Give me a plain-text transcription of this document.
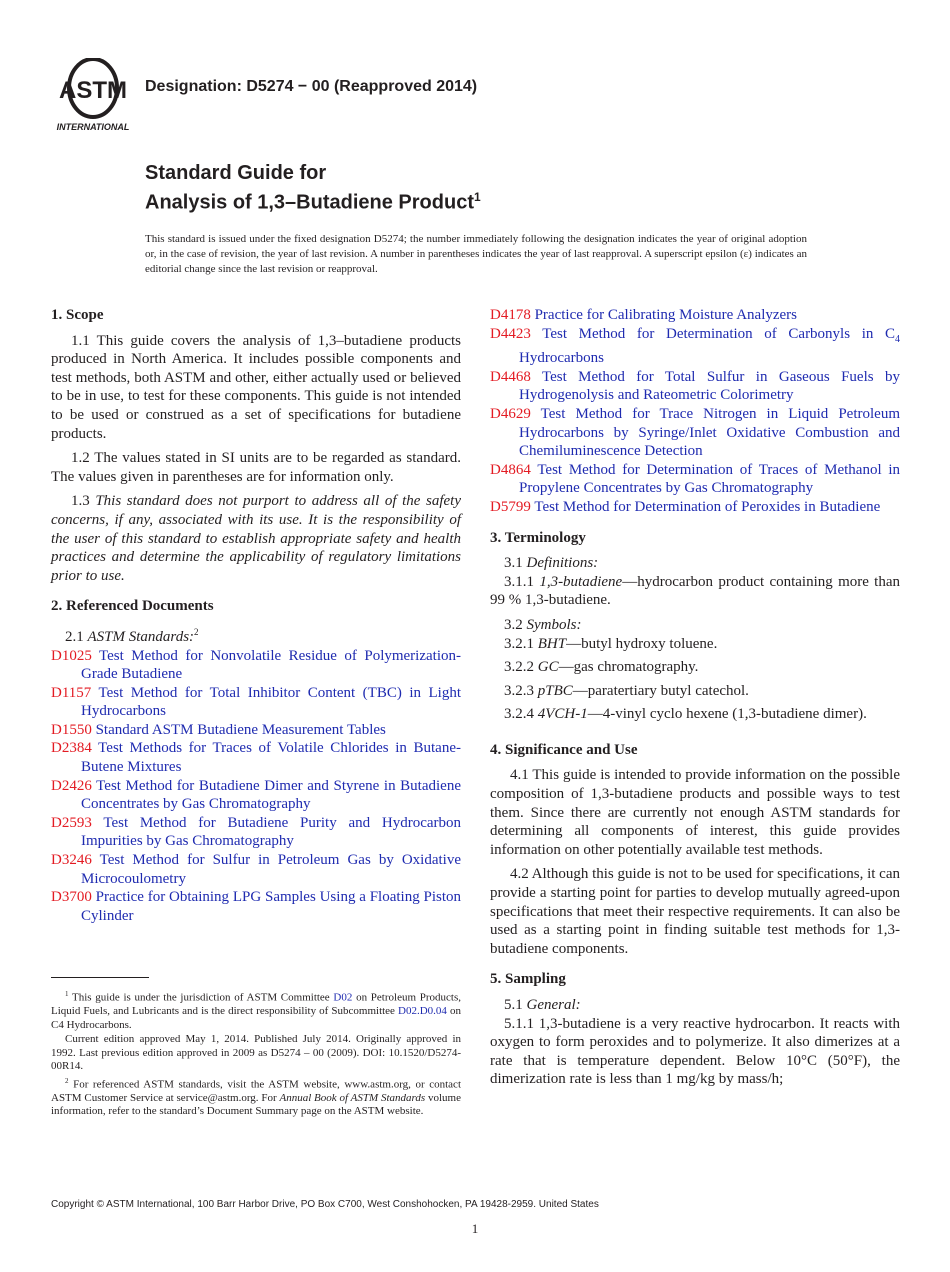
ASTM
INTERNATIONAL
Designation: D5274 − 00 (Reapproved 2014)
Standard Guide for
Analysis of 1,3–Butadiene Product$^1$
This standard is issued under the fixed designation D5274; the number immediately following the designation indicates the year of original adoption or, in the case of revision, the year of last revision. A number in parentheses indicates the year of last reapproval. A superscript epsilon (ε) indicates an editorial change since the last revision or reapproval.

1. Scope

1.1 This guide covers the analysis of 1,3–butadiene products produced in North America. It includes possible components and test methods, both ASTM and other, either actually used or believed to be in use, to test for these components. This guide is not intended to be used or construed as a set of specifications for butadiene products.

1.2 The values stated in SI units are to be regarded as standard. The values given in parentheses are for information only.

1.3 This standard does not purport to address all of the safety concerns, if any, associated with its use. It is the responsibility of the user of this standard to establish appropriate safety and health practices and determine the applicability of regulatory limitations prior to use.

2. Referenced Documents

2.1 ASTM Standards:$^2$

D1025 Test Method for Nonvolatile Residue of Polymerization-Grade Butadiene

D1157 Test Method for Total Inhibitor Content (TBC) in Light Hydrocarbons

D1550 Standard ASTM Butadiene Measurement Tables

D2384 Test Methods for Traces of Volatile Chlorides in Butane-Butene Mixtures

D2426 Test Method for Butadiene Dimer and Styrene in Butadiene Concentrates by Gas Chromatography

D2593 Test Method for Butadiene Purity and Hydrocarbon Impurities by Gas Chromatography

D3246 Test Method for Sulfur in Petroleum Gas by Oxidative Microcoulometry

D3700 Practice for Obtaining LPG Samples Using a Floating Piston Cylinder

D4178 Practice for Calibrating Moisture Analyzers

D4423 Test Method for Determination of Carbonyls in $C_4$ Hydrocarbons

D4468 Test Method for Total Sulfur in Gaseous Fuels by Hydrogenolysis and Rateometric Colorimetry

D4629 Test Method for Trace Nitrogen in Liquid Petroleum Hydrocarbons by Syringe/Inlet Oxidative Combustion and Chemiluminescence Detection

D4864 Test Method for Determination of Traces of Methanol in Propylene Concentrates by Gas Chromatography

D5799 Test Method for Determination of Peroxides in Butadiene

3. Terminology

3.1 Definitions:

3.1.1 1,3-butadiene—hydrocarbon product containing more than 99 % 1,3-butadiene.

3.2 Symbols:

3.2.1 BHT—butyl hydroxy toluene.

3.2.2 GC—gas chromatography.

3.2.3 pTBC—paratertiary butyl catechol.

3.2.4 4VCH-1—4-vinyl cyclo hexene (1,3-butadiene dimer).

4. Significance and Use

4.1 This guide is intended to provide information on the possible composition of 1,3-butadiene products and possible ways to test them. Since there are currently not enough ASTM standards for determining all components of interest, this guide provides information on other potentially available test methods.

4.2 Although this guide is not to be used for specifications, it can provide a starting point for parties to develop mutually agreed-upon specifications that meet their respective requirements. It can also be used as a starting point in finding suitable test methods for 1,3-butadiene components.

5. Sampling

5.1 General:

5.1.1 1,3-butadiene is a very reactive hydrocarbon. It reacts with oxygen to form peroxides and to polymerize. It also dimerizes at a rate that is temperature dependent. Below 10°C (50°F), the dimerization rate is less than 1 mg/kg by mass/h;

$^1$ This guide is under the jurisdiction of ASTM Committee D02 on Petroleum Products, Liquid Fuels, and Lubricants and is the direct responsibility of Subcommittee D02.D0.04 on C4 Hydrocarbons.

Current edition approved May 1, 2014. Published July 2014. Originally approved in 1992. Last previous edition approved in 2009 as D5274 – 00 (2009). DOI: 10.1520/D5274-00R14.

$^2$ For referenced ASTM standards, visit the ASTM website, www.astm.org, or contact ASTM Customer Service at service@astm.org. For Annual Book of ASTM Standards volume information, refer to the standard’s Document Summary page on the ASTM website.

Copyright © ASTM International, 100 Barr Harbor Drive, PO Box C700, West Conshohocken, PA 19428-2959. United States
1
